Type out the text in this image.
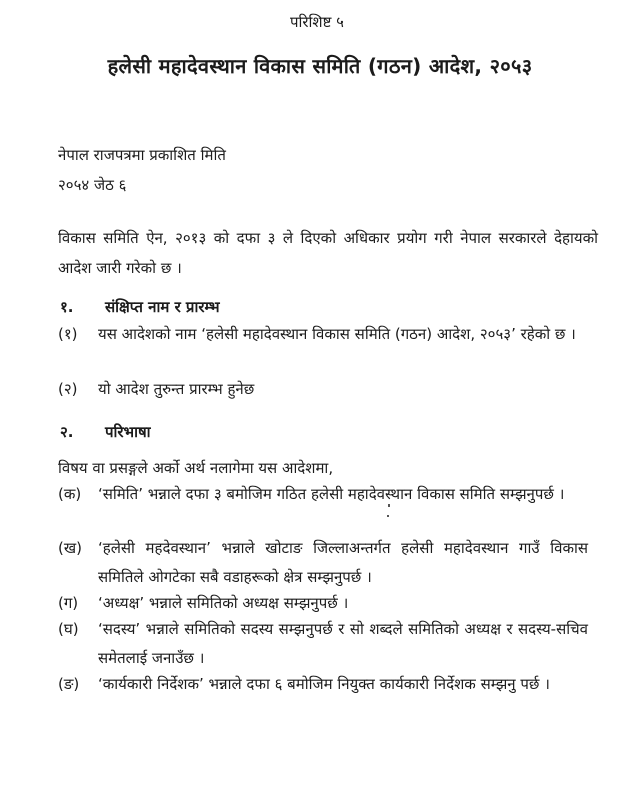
परिशिष्ट ५
हलेसी महादेवस्थान विकास समिति (गठन) आदेश, २०५३
नेपाल राजपत्रमा प्रकाशित मिति
२०५४ जेठ ६
विकास समिति ऐन, २०१३ को दफा ३ ले दिएको अधिकार प्रयोग गरी नेपाल सरकारले देहायको आदेश जारी गरेको छ ।
१. संक्षिप्त नाम र प्रारम्भ
(१) यस आदेशको नाम ‘हलेसी महादेवस्थान विकास समिति (गठन) आदेश, २०५३’ रहेको छ ।
(२) यो आदेश तुरुन्त प्रारम्भ हुनेछ
२. परिभाषा
विषय वा प्रसङ्गले अर्को अर्थ नलागेमा यस आदेशमा,
(क) ‘समिति’ भन्नाले दफा ३ बमोजिम गठित हलेसी महादेवस्थान विकास समिति सम्झनुपर्छ ।
(ख) ‘हलेसी महदेवस्थान’ भन्नाले खोटाङ जिल्लाअन्तर्गत हलेसी महादेवस्थान गाउँ विकास समितिले ओगटेका सबै वडाहरूको क्षेत्र सम्झनुपर्छ ।
(ग) ‘अध्यक्ष’ भन्नाले समितिको अध्यक्ष सम्झनुपर्छ ।
(घ) ‘सदस्य’ भन्नाले समितिको सदस्य सम्झनुपर्छ र सो शब्दले समितिको अध्यक्ष र सदस्य-सचिव समेतलाई जनाउँछ ।
(ङ) ‘कार्यकारी निर्देशक’ भन्नाले दफा ६ बमोजिम नियुक्त कार्यकारी निर्देशक सम्झनु पर्छ ।
